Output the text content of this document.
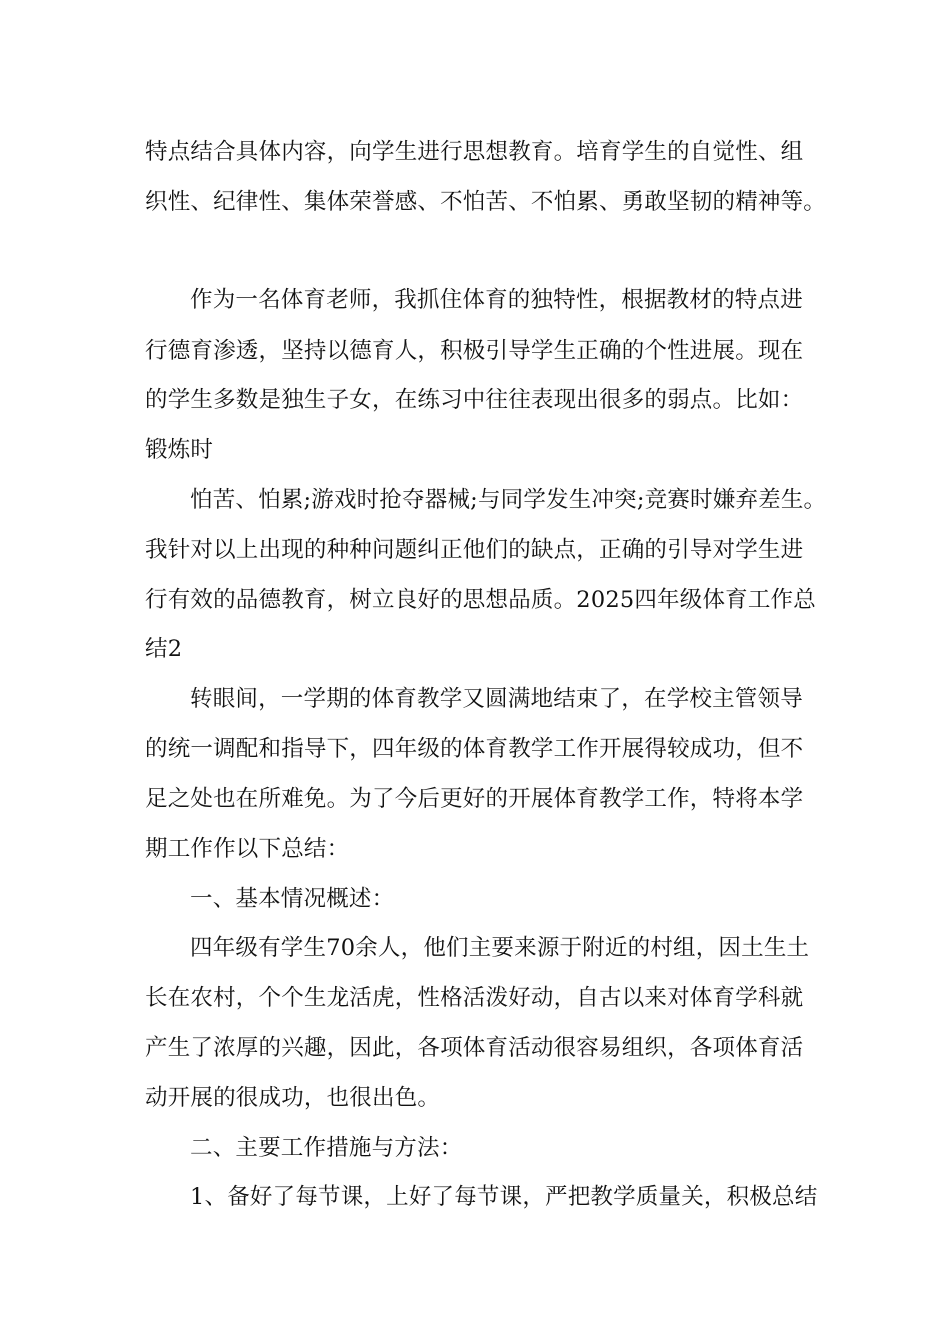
特点结合具体内容，向学生进行思想教育。培育学生的自觉性、组
织性、纪律性、集体荣誉感、不怕苦、不怕累、勇敢坚韧的精神等。
作为一名体育老师，我抓住体育的独特性，根据教材的特点进
行德育渗透，坚持以德育人，积极引导学生正确的个性进展。现在
的学生多数是独生子女，在练习中往往表现出很多的弱点。比如：
锻炼时
怕苦、怕累;游戏时抢夺器械;与同学发生冲突;竞赛时嫌弃差生。
我针对以上出现的种种问题纠正他们的缺点，正确的引导对学生进
行有效的品德教育，树立良好的思想品质。2025四年级体育工作总
结2
转眼间，一学期的体育教学又圆满地结束了，在学校主管领导
的统一调配和指导下，四年级的体育教学工作开展得较成功，但不
足之处也在所难免。为了今后更好的开展体育教学工作，特将本学
期工作作以下总结：
一、基本情况概述：
四年级有学生70余人，他们主要来源于附近的村组，因土生土
长在农村，个个生龙活虎，性格活泼好动，自古以来对体育学科就
产生了浓厚的兴趣，因此，各项体育活动很容易组织，各项体育活
动开展的很成功，也很出色。
二、主要工作措施与方法：
1、备好了每节课，上好了每节课，严把教学质量关，积极总结
